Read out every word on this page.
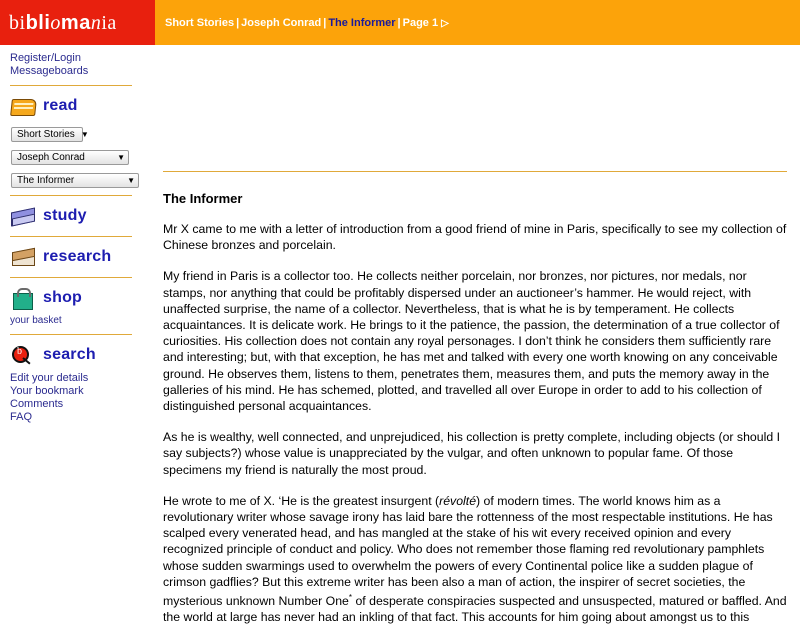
bibliomania	Short Stories | Joseph Conrad | The Informer | Page 1 ▷
Register/Login
Messageboards
read
Short Stories ▼
Joseph Conrad	▼
The Informer	▼
study
research
shop
your basket
b
search
Edit your details
Your bookmark
Comments
FAQ
The Informer

Mr X came to me with a letter of introduction from a good friend of mine in Paris, specifically to see my collection of Chinese bronzes and porcelain.

My friend in Paris is a collector too. He collects neither porcelain, nor bronzes, nor pictures, nor medals, nor stamps, nor anything that could be profitably dispersed under an auctioneer’s hammer. He would reject, with unaffected surprise, the name of a collector. Nevertheless, that is what he is by temperament. He collects acquaintances. It is delicate work. He brings to it the patience, the passion, the determination of a true collector of curiosities. His collection does not contain any royal personages. I don’t think he considers them sufficiently rare and interesting; but, with that exception, he has met and talked with every one worth knowing on any conceivable ground. He observes them, listens to them, penetrates them, measures them, and puts the memory away in the galleries of his mind. He has schemed, plotted, and travelled all over Europe in order to add to his collection of distinguished personal acquaintances.

As he is wealthy, well connected, and unprejudiced, his collection is pretty complete, including objects (or should I say subjects?) whose value is unappreciated by the vulgar, and often unknown to popular fame. Of those specimens my friend is naturally the most proud.

He wrote to me of X. ‘He is the greatest insurgent (révolté) of modern times. The world knows him as a revolutionary writer whose savage irony has laid bare the rottenness of the most respectable institutions. He has scalped every venerated head, and has mangled at the stake of his wit every received opinion and every recognized principle of conduct and policy. Who does not remember those flaming red revolutionary pamphlets whose sudden swarmings used to overwhelm the powers of every Continental police like a sudden plague of crimson gadflies? But this extreme writer has been also a man of action, the inspirer of secret societies, the mysterious unknown Number One* of desperate conspiracies suspected and unsuspected, matured or baffled. And the world at large has never had an inkling of that fact. This accounts for him going about amongst us to this
